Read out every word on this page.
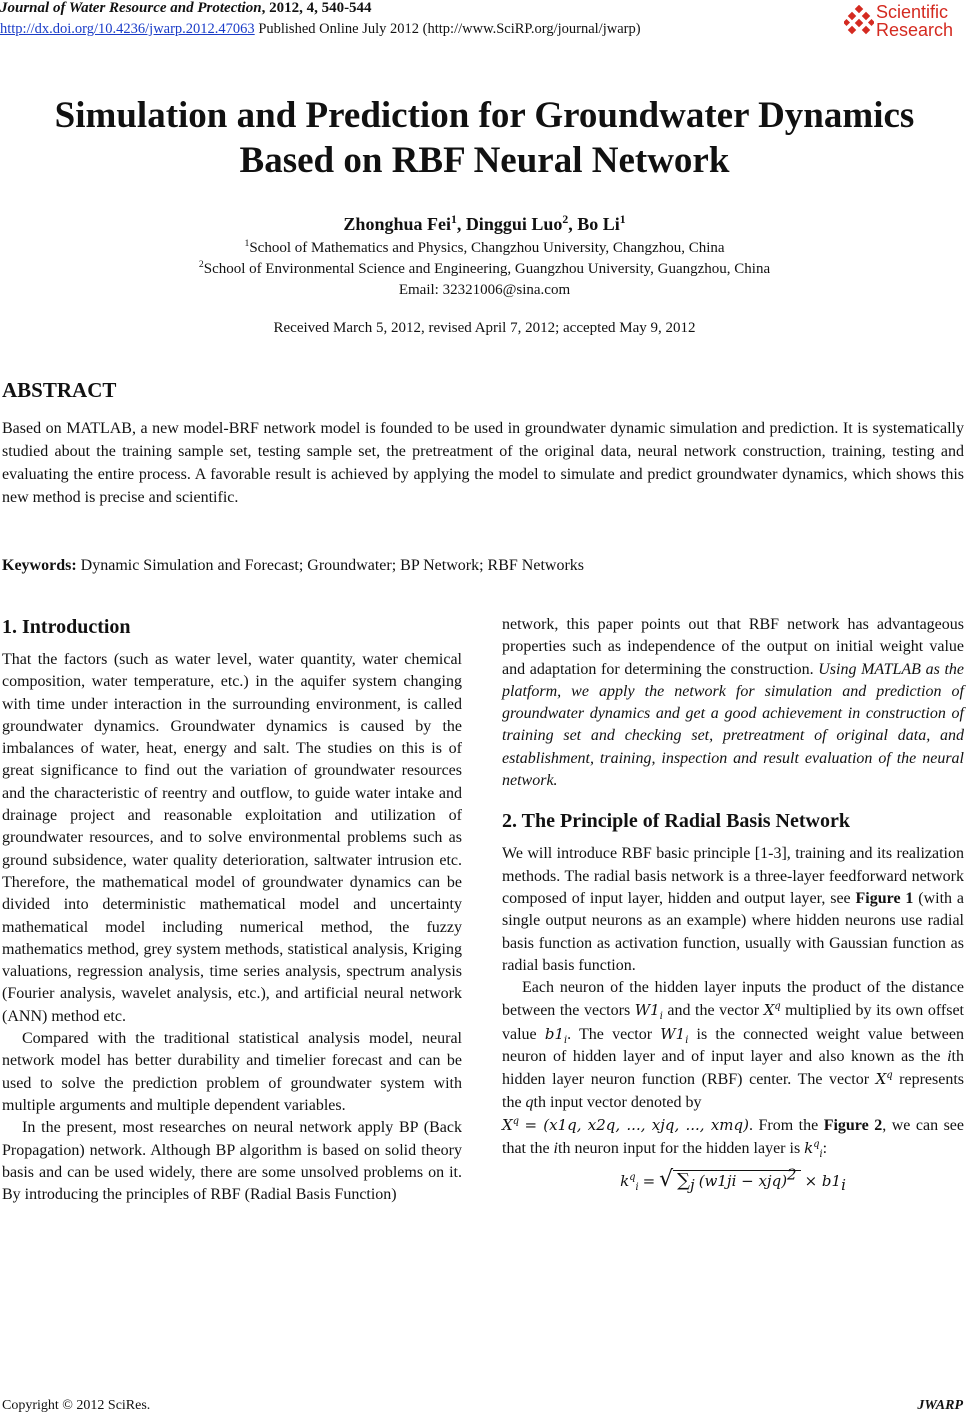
Journal of Water Resource and Protection, 2012, 4, 540-544
http://dx.doi.org/10.4236/jwarp.2012.47063 Published Online July 2012 (http://www.SciRP.org/journal/jwarp)
Scientific
Research
Simulation and Prediction for Groundwater Dynamics
Based on RBF Neural Network
Zhonghua Fei$^1$, Dinggui Luo$^2$, Bo Li$^1$
$^1$School of Mathematics and Physics, Changzhou University, Changzhou, China
$^2$School of Environmental Science and Engineering, Guangzhou University, Guangzhou, China
Email: 32321006@sina.com
Received March 5, 2012, revised April 7, 2012; accepted May 9, 2012
ABSTRACT
Based on MATLAB, a new model-BRF network model is founded to be used in groundwater dynamic simulation and prediction. It is systematically studied about the training sample set, testing sample set, the pretreatment of the original data, neural network construction, training, testing and evaluating the entire process. A favorable result is achieved by applying the model to simulate and predict groundwater dynamics, which shows this new method is precise and scientific.
Keywords: Dynamic Simulation and Forecast; Groundwater; BP Network; RBF Networks
1. Introduction

That the factors (such as water level, water quantity, water chemical composition, water temperature, etc.) in the aquifer system changing with time under interaction in the surrounding environment, is called groundwater dynamics. Groundwater dynamics is caused by the imbalances of water, heat, energy and salt. The studies on this is of great significance to find out the variation of groundwater resources and the characteristic of reentry and outflow, to guide water intake and drainage project and reasonable exploitation and utilization of groundwater resources, and to solve environmental problems such as ground subsidence, water quality deterioration, saltwater intrusion etc. Therefore, the mathematical model of groundwater dynamics can be divided into deterministic mathematical model and uncertainty mathematical model including numerical method, the fuzzy mathematics method, grey system methods, statistical analysis, Kriging valuations, regression analysis, time series analysis, spectrum analysis (Fourier analysis, wavelet analysis, etc.), and artificial neural network (ANN) method etc.

Compared with the traditional statistical analysis model, neural network model has better durability and timelier forecast and can be used to solve the prediction problem of groundwater system with multiple arguments and multiple dependent variables.

In the present, most researches on neural network apply BP (Back Propagation) network. Although BP algorithm is based on solid theory basis and can be used widely, there are some unsolved problems on it. By introducing the principles of RBF (Radial Basis Function)

network, this paper points out that RBF network has advantageous properties such as independence of the output on initial weight value and adaptation for determining the construction. Using MATLAB as the platform, we apply the network for simulation and prediction of groundwater dynamics and get a good achievement in construction of training set and checking set, pretreatment of original data, and establishment, training, inspection and result evaluation of the neural network.

2. The Principle of Radial Basis Network

We will introduce RBF basic principle [1-3], training and its realization methods. The radial basis network is a three-layer feedforward network composed of input layer, hidden and output layer, see Figure 1 (with a single output neurons as an example) where hidden neurons use radial basis function as activation function, usually with Gaussian function as radial basis function.

Each neuron of the hidden layer inputs the product of the distance between the vectors $W1_i$ and the vector $X^q$ multiplied by its own offset value $b1_i$. The vector $W1_i$ is the connected weight value between neuron of hidden layer and of input layer and also known as the ith hidden layer neuron function (RBF) center. The vector $X^q$ represents the qth input vector denoted by
$X^q = (x1q$, x2q, ..., xjq, ..., xmq). From the Figure 2, we can see that the ith neuron input for the hidden layer is $k^q_i$:

$k^q_i$ = √ $\sum_j$ $(w1ji - xjq)^2 \times b1_i$
Copyright © 2012 SciRes.	JWARP
